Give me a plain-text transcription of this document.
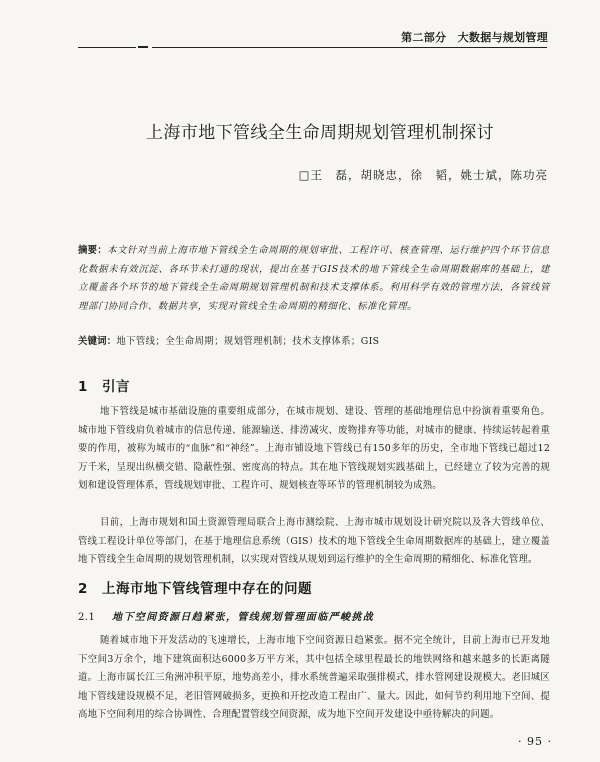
第二部分　大数据与规划管理
上海市地下管线全生命周期规划管理机制探讨
□王　磊，胡晓忠，徐　韬，姚士斌，陈功亮
摘要：本文针对当前上海市地下管线全生命周期的规划审批、工程许可、核查管理、运行维护四个环节信息化数据未有效沉淀、各环节未打通的现状，提出在基于GIS技术的地下管线全生命周期数据库的基础上，建立覆盖各个环节的地下管线全生命周期规划管理机制和技术支撑体系。利用科学有效的管理方法，各管线管理部门协同合作、数据共享，实现对管线全生命周期的精细化、标准化管理。
关键词：地下管线；全生命周期；规划管理机制；技术支撑体系；GIS
1 引言
地下管线是城市基础设施的重要组成部分，在城市规划、建设、管理的基础地理信息中扮演着重要角色。城市地下管线肩负着城市的信息传递、能源输送、排涝减灾、废物排弃等功能，对城市的健康、持续运转起着重要的作用，被称为城市的“血脉”和“神经”。上海市铺设地下管线已有150多年的历史，全市地下管线已超过12万千米，呈现出纵横交错、隐蔽性强、密度高的特点。其在地下管线规划实践基础上，已经建立了较为完善的规划和建设管理体系，管线规划审批、工程许可、规划核查等环节的管理机制较为成熟。
目前，上海市规划和国土资源管理局联合上海市测绘院、上海市城市规划设计研究院以及各大管线单位、管线工程设计单位等部门，在基于地理信息系统（GIS）技术的地下管线全生命周期数据库的基础上，建立覆盖地下管线全生命周期的规划管理机制，以实现对管线从规划到运行维护的全生命周期的精细化、标准化管理。
2 上海市地下管线管理中存在的问题
2.1 地下空间资源日趋紧张，管线规划管理面临严峻挑战
随着城市地下开发活动的飞速增长，上海市地下空间资源日趋紧张。据不完全统计，目前上海市已开发地下空间3万余个，地下建筑面积达6000多万平方米，其中包括全球里程最长的地铁网络和越来越多的长距离隧道。上海市属长江三角洲冲积平原，地势高差小，排水系统普遍采取强排模式，排水管网建设规模大。老旧城区地下管线建设规模不足，老旧管网破损多，更换和开挖改造工程由广、量大。因此，如何节约利用地下空间、提高地下空间利用的综合协调性、合理配置管线空间资源，成为地下空间开发建设中亟待解决的问题。
· 95 ·
